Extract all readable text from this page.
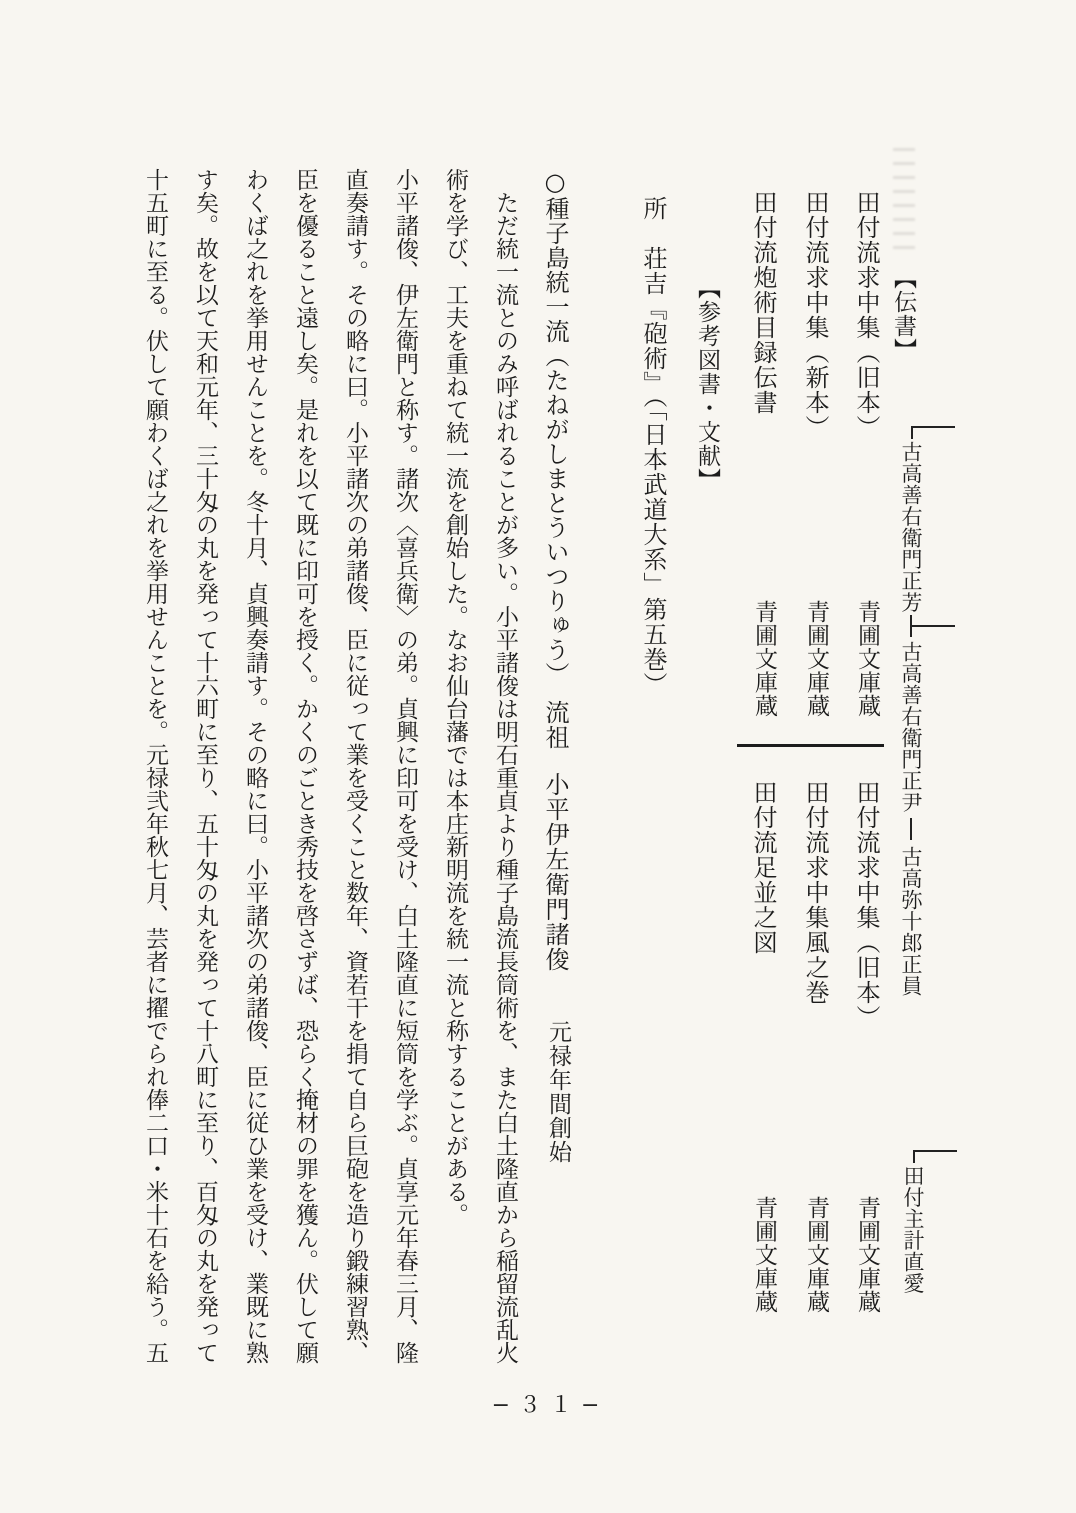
【伝書】
古高善右衛門正芳
古高善右衛門正尹
古高弥十郎正員
田付主計直愛
田付流求中集（旧本）
田付流求中集（新本）
田付流炮術目録伝書
青圃文庫蔵
青圃文庫蔵
青圃文庫蔵
田付流求中集（旧本）
田付流求中集風之巻
田付流足並之図
青圃文庫蔵
青圃文庫蔵
青圃文庫蔵
【参考図書・文献】
所　荘吉『砲術』（「日本武道大系」第五巻）
○種子島統一流（たねがしまとういつりゅう）
流祖
小平伊左衛門諸俊
元禄年間創始
　ただ統一流とのみ呼ばれることが多い。小平諸俊は明石重貞より種子島流長筒術を、また白土隆直から稲留流乱火
術を学び、工夫を重ねて統一流を創始した。なお仙台藩では本庄新明流を統一流と称することがある。
小平諸俊、伊左衛門と称す。諸次〈喜兵衛〉の弟。貞興に印可を受け、白土隆直に短筒を学ぶ。貞享元年春三月、隆
直奏請す。その略に曰。小平諸次の弟諸俊、臣に従って業を受くこと数年、資若干を捐て自ら巨砲を造り鍛練習熟、
臣を優ること遠し矣。是れを以て既に印可を授く。かくのごとき秀技を啓さずば、恐らく掩材の罪を獲ん。伏して願
わくば之れを挙用せんことを。冬十月、貞興奏請す。その略に曰。小平諸次の弟諸俊、臣に従ひ業を受け、業既に熟
す矣。故を以て天和元年、三十匁の丸を発って十六町に至り、五十匁の丸を発って十八町に至り、百匁の丸を発って
十五町に至る。伏して願わくば之れを挙用せんことを。元禄弐年秋七月、芸者に擢でられ俸二口・米十石を給う。五
−３１−
